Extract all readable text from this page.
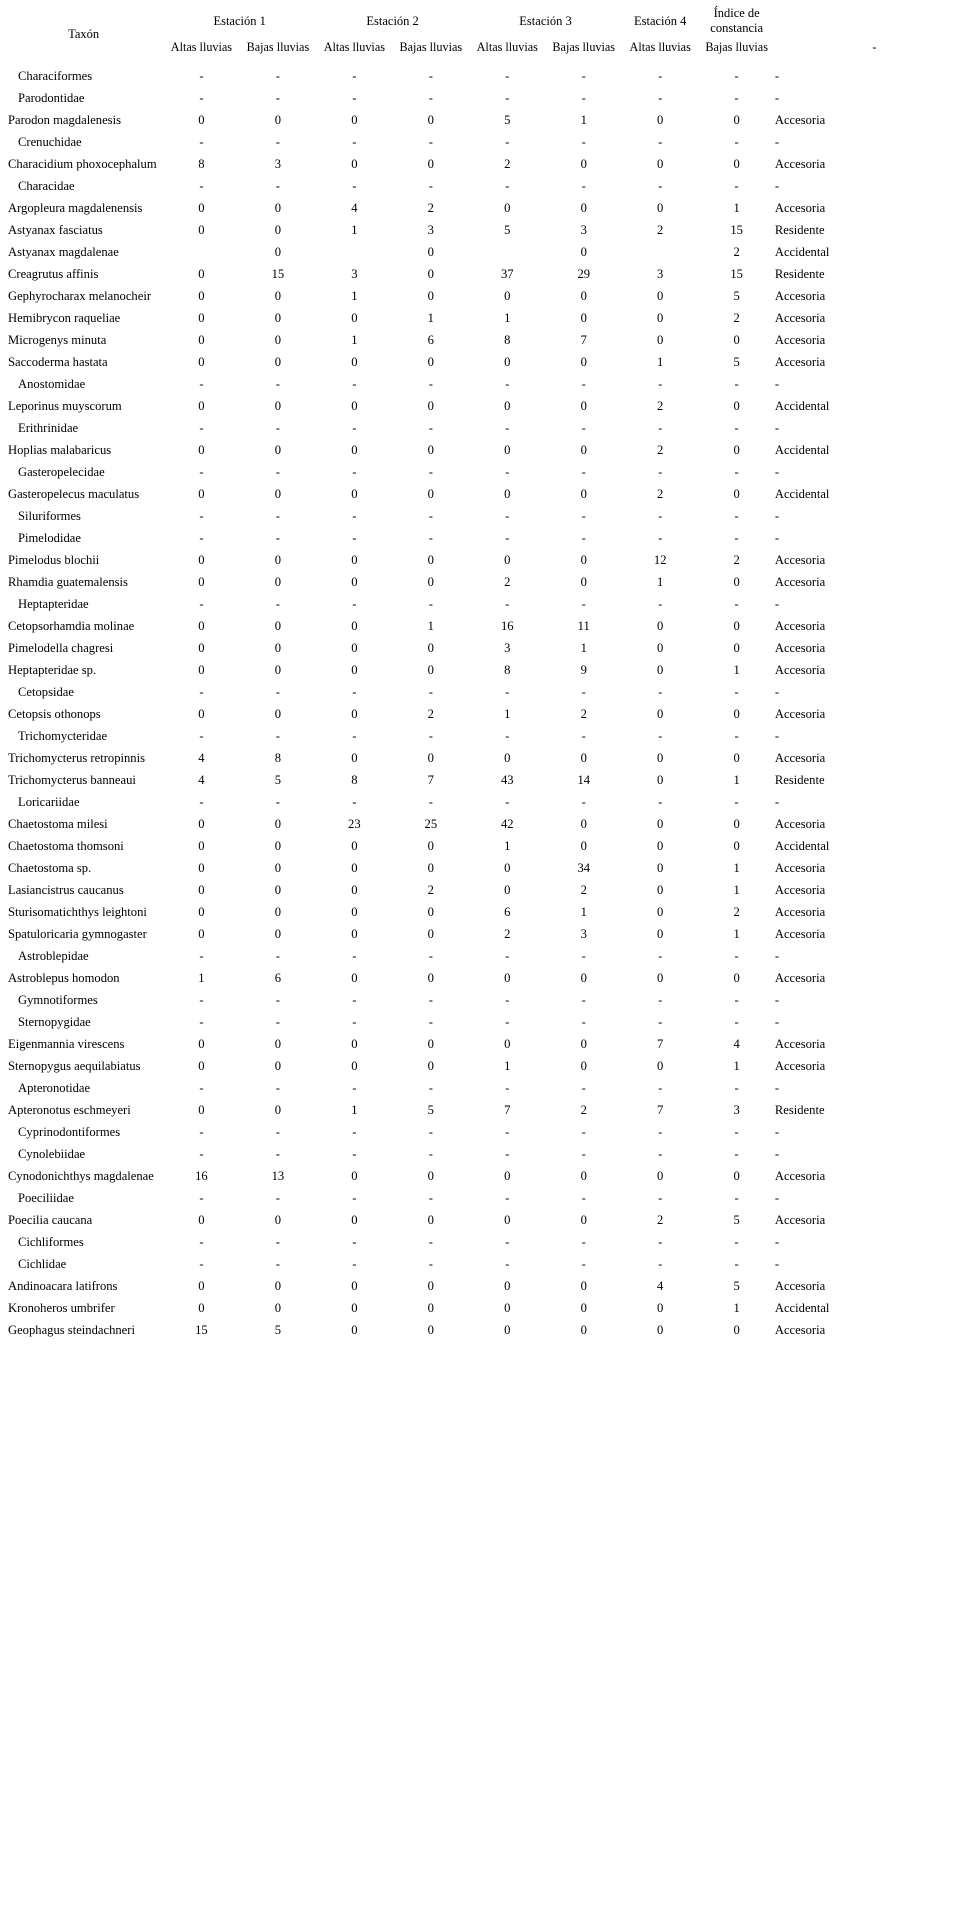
Taxón	Estación 1		Estación 2		Estación 3		Estación 4	Índice de constancia	
	Altas lluvias	Bajas lluvias	Altas lluvias	Bajas lluvias	Altas lluvias	Bajas lluvias	Altas lluvias	Bajas lluvias	-
Characiformes	-	-	-	-	-	-	-	-	-
Parodontidae	-	-	-	-	-	-	-	-	-
Parodon magdalenesis	0	0	0	0	5	1	0	0	Accesoria
Crenuchidae	-	-	-	-	-	-	-	-	-
Characidium phoxocephalum	8	3	0	0	2	0	0	0	Accesoria
Characidae	-	-	-	-	-	-	-	-	-
Argopleura magdalenensis	0	0	4	2	0	0	0	1	Accesoria
Astyanax fasciatus	0	0	1	3	5	3	2	15	Residente
Astyanax magdalenae		0		0		0		2	Accidental
Creagrutus affinis	0	15	3	0	37	29	3	15	Residente
Gephyrocharax melanocheir	0	0	1	0	0	0	0	5	Accesoria
Hemibrycon raqueliae	0	0	0	1	1	0	0	2	Accesoria
Microgenys minuta	0	0	1	6	8	7	0	0	Accesoria
Saccoderma hastata	0	0	0	0	0	0	1	5	Accesoria
Anostomidae	-	-	-	-	-	-	-	-	-
Leporinus muyscorum	0	0	0	0	0	0	2	0	Accidental
Erithrinidae	-	-	-	-	-	-	-	-	-
Hoplias malabaricus	0	0	0	0	0	0	2	0	Accidental
Gasteropelecidae	-	-	-	-	-	-	-	-	-
Gasteropelecus maculatus	0	0	0	0	0	0	2	0	Accidental
Siluriformes	-	-	-	-	-	-	-	-	-
Pimelodidae	-	-	-	-	-	-	-	-	-
Pimelodus blochii	0	0	0	0	0	0	12	2	Accesoria
Rhamdia guatemalensis	0	0	0	0	2	0	1	0	Accesoria
Heptapteridae	-	-	-	-	-	-	-	-	-
Cetopsorhamdia molinae	0	0	0	1	16	11	0	0	Accesoria
Pimelodella chagresi	0	0	0	0	3	1	0	0	Accesoria
Heptapteridae sp.	0	0	0	0	8	9	0	1	Accesoria
Cetopsidae	-	-	-	-	-	-	-	-	-
Cetopsis othonops	0	0	0	2	1	2	0	0	Accesoria
Trichomycteridae	-	-	-	-	-	-	-	-	-
Trichomycterus retropinnis	4	8	0	0	0	0	0	0	Accesoria
Trichomycterus banneaui	4	5	8	7	43	14	0	1	Residente
Loricariidae	-	-	-	-	-	-	-	-	-
Chaetostoma milesi	0	0	23	25	42	0	0	0	Accesoria
Chaetostoma thomsoni	0	0	0	0	1	0	0	0	Accidental
Chaetostoma sp.	0	0	0	0	0	34	0	1	Accesoria
Lasiancistrus caucanus	0	0	0	2	0	2	0	1	Accesoria
Sturisomatichthys leightoni	0	0	0	0	6	1	0	2	Accesoria
Spatuloricaria gymnogaster	0	0	0	0	2	3	0	1	Accesoria
Astroblepidae	-	-	-	-	-	-	-	-	-
Astroblepus homodon	1	6	0	0	0	0	0	0	Accesoria
Gymnotiformes	-	-	-	-	-	-	-	-	-
Sternopygidae	-	-	-	-	-	-	-	-	-
Eigenmannia virescens	0	0	0	0	0	0	7	4	Accesoria
Sternopygus aequilabiatus	0	0	0	0	1	0	0	1	Accesoria
Apteronotidae	-	-	-	-	-	-	-	-	-
Apteronotus eschmeyeri	0	0	1	5	7	2	7	3	Residente
Cyprinodontiformes	-	-	-	-	-	-	-	-	-
Cynolebiidae	-	-	-	-	-	-	-	-	-
Cynodonichthys magdalenae	16	13	0	0	0	0	0	0	Accesoria
Poeciliidae	-	-	-	-	-	-	-	-	-
Poecilia caucana	0	0	0	0	0	0	2	5	Accesoria
Cichliformes	-	-	-	-	-	-	-	-	-
Cichlidae	-	-	-	-	-	-	-	-	-
Andinoacara latifrons	0	0	0	0	0	0	4	5	Accesoria
Kronoheros umbrifer	0	0	0	0	0	0	0	1	Accidental
Geophagus steindachneri	15	5	0	0	0	0	0	0	Accesoria
